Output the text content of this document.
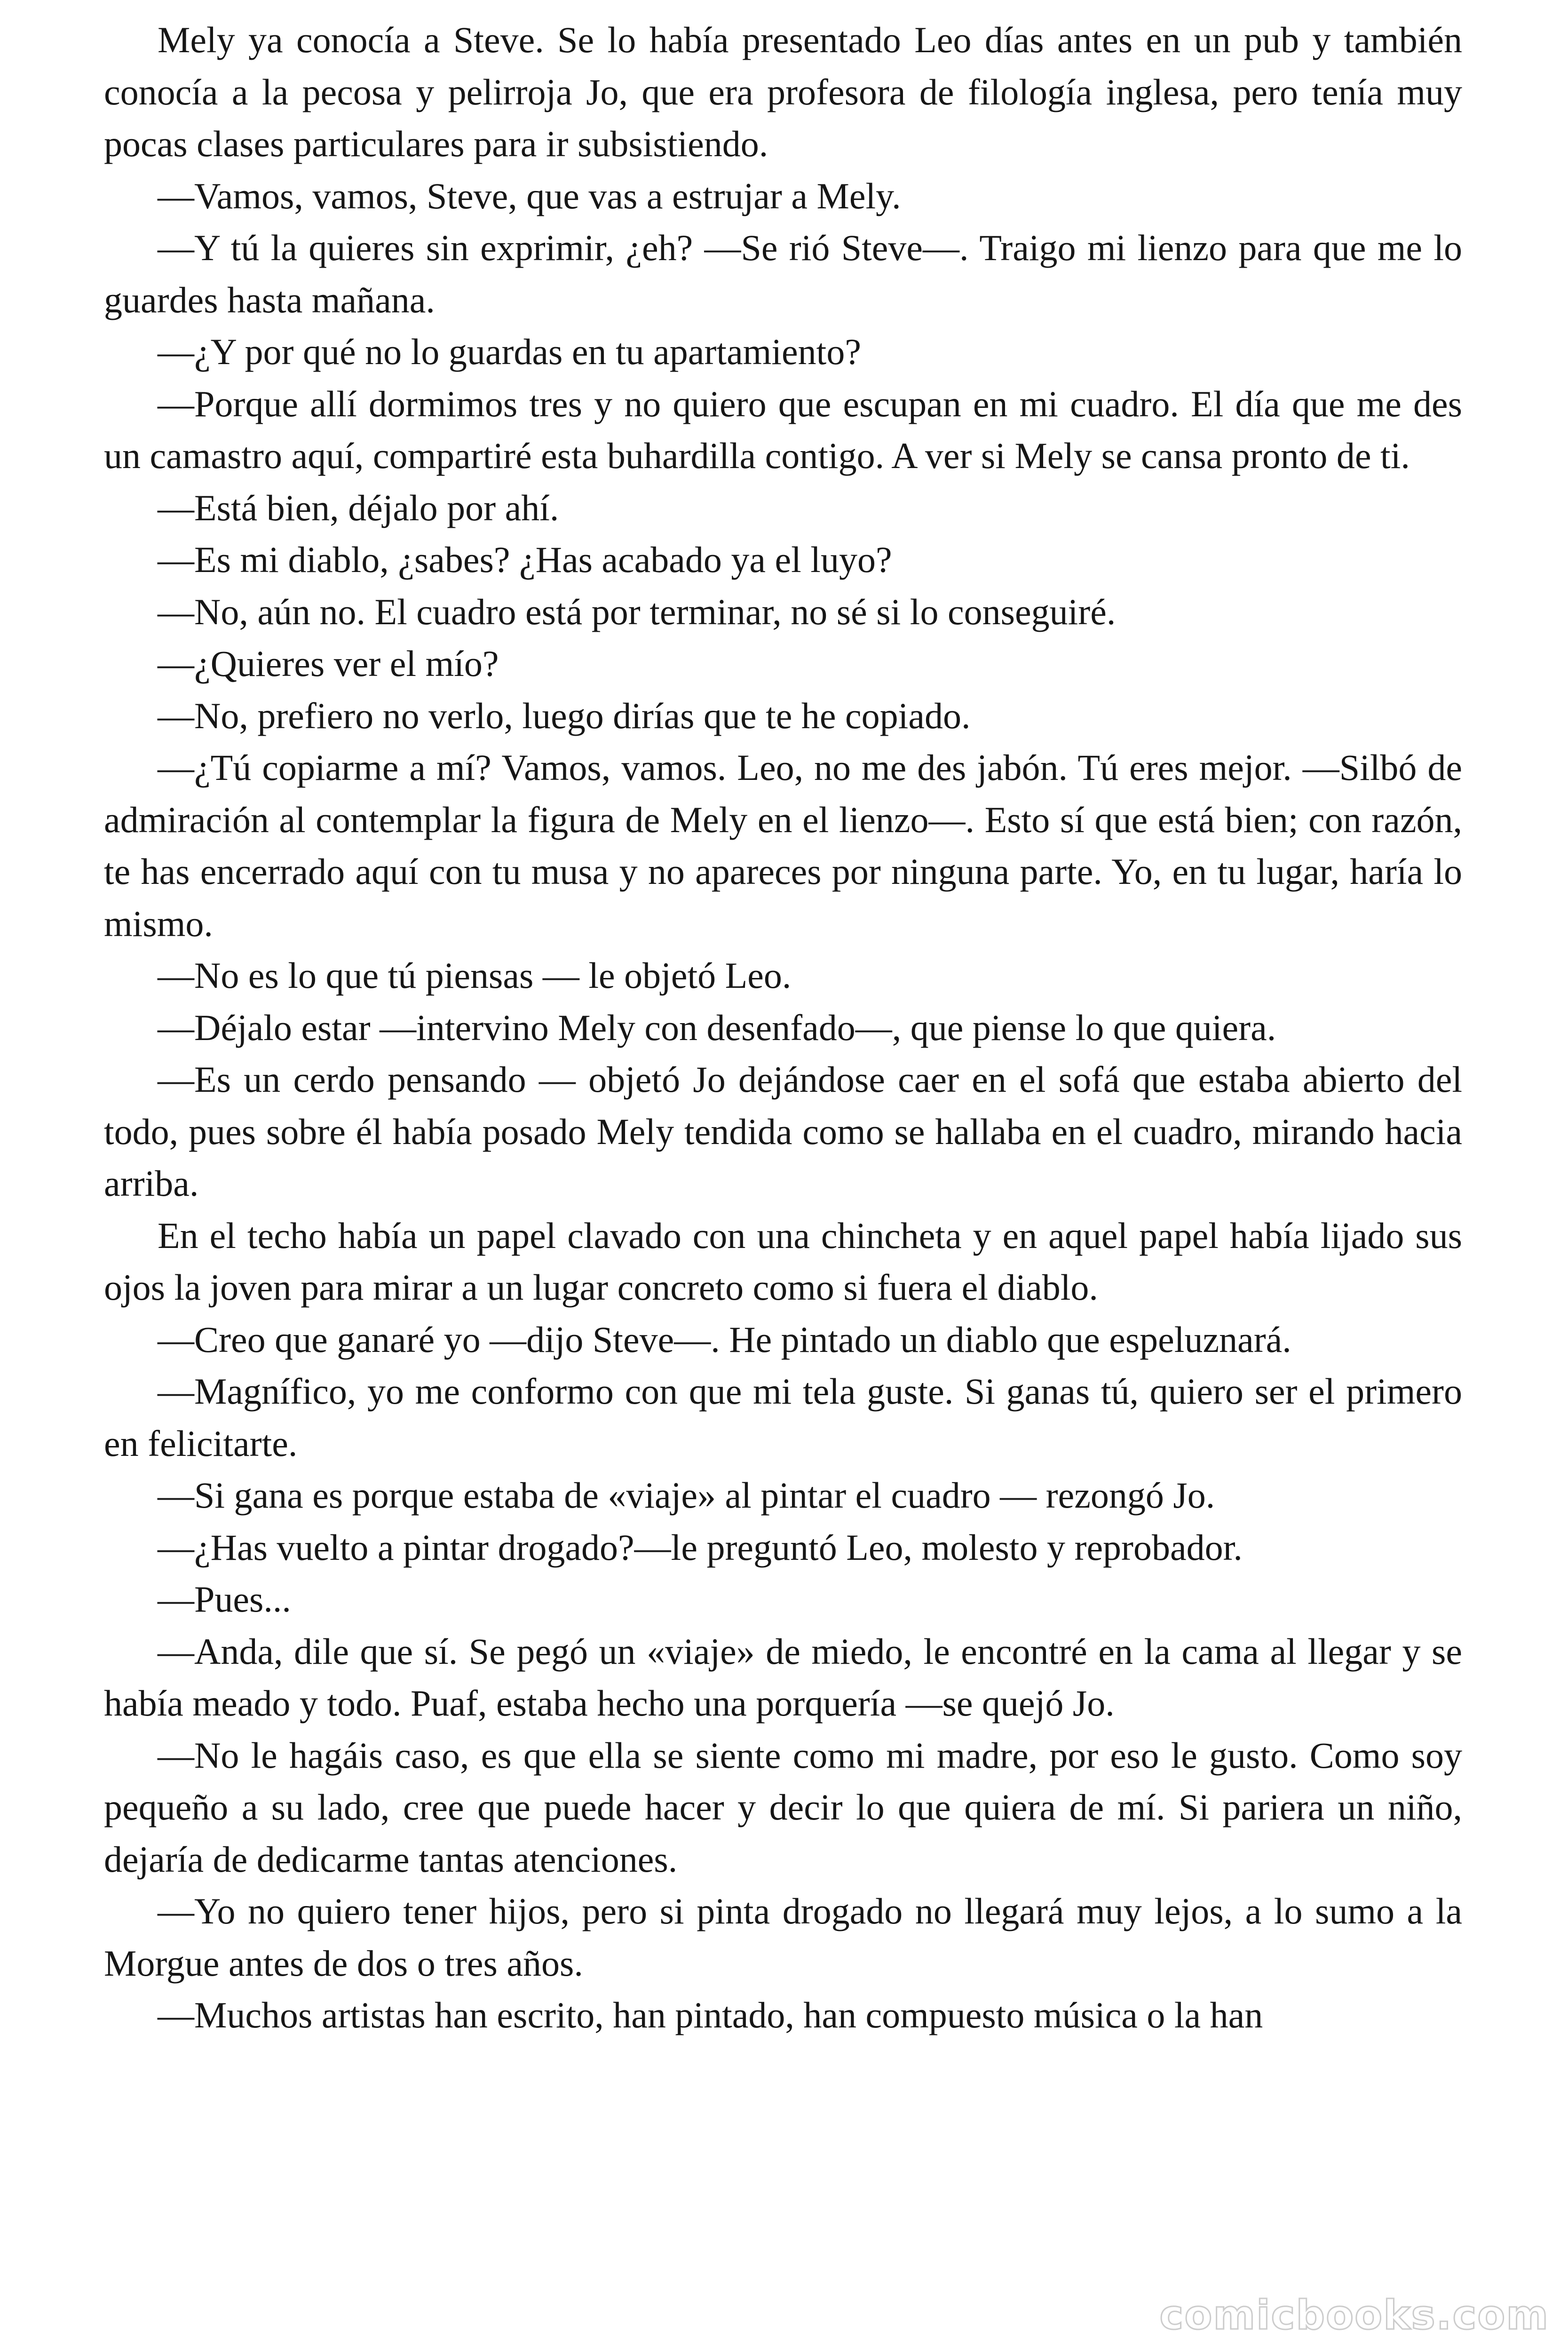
Mely ya conocía a Steve. Se lo había presentado Leo días antes en un pub y también conocía a la pecosa y pelirroja Jo, que era profesora de filología inglesa, pero tenía muy pocas clases particulares para ir subsistiendo.

—Vamos, vamos, Steve, que vas a estrujar a Mely.

—Y tú la quieres sin exprimir, ¿eh? —Se rió Steve—. Traigo mi lienzo para que me lo guardes hasta mañana.

—¿Y por qué no lo guardas en tu apartamiento?

—Porque allí dormimos tres y no quiero que escupan en mi cuadro. El día que me des un camastro aquí, compartiré esta buhardilla contigo. A ver si Mely se cansa pronto de ti.

—Está bien, déjalo por ahí.

—Es mi diablo, ¿sabes? ¿Has acabado ya el luyo?

—No, aún no. El cuadro está por terminar, no sé si lo conseguiré.

—¿Quieres ver el mío?

—No, prefiero no verlo, luego dirías que te he copiado.

—¿Tú copiarme a mí? Vamos, vamos. Leo, no me des jabón. Tú eres mejor. —Silbó de admiración al contemplar la figura de Mely en el lienzo—. Esto sí que está bien; con razón, te has encerrado aquí con tu musa y no apareces por ninguna parte. Yo, en tu lugar, haría lo mismo.

—No es lo que tú piensas — le objetó Leo.

—Déjalo estar —intervino Mely con desenfado—, que piense lo que quiera.

—Es un cerdo pensando — objetó Jo dejándose caer en el sofá que estaba abierto del todo, pues sobre él había posado Mely tendida como se hallaba en el cuadro, mirando hacia arriba.

En el techo había un papel clavado con una chincheta y en aquel papel había lijado sus ojos la joven para mirar a un lugar concreto como si fuera el diablo.

—Creo que ganaré yo —dijo Steve—. He pintado un diablo que espeluznará.

—Magnífico, yo me conformo con que mi tela guste. Si ganas tú, quiero ser el primero en felicitarte.

—Si gana es porque estaba de «viaje» al pintar el cuadro — rezongó Jo.

—¿Has vuelto a pintar drogado?—le preguntó Leo, molesto y reprobador.

—Pues...

—Anda, dile que sí. Se pegó un «viaje» de miedo, le encontré en la cama al llegar y se había meado y todo. Puaf, estaba hecho una porquería —se quejó Jo.

—No le hagáis caso, es que ella se siente como mi madre, por eso le gusto. Como soy pequeño a su lado, cree que puede hacer y decir lo que quiera de mí. Si pariera un niño, dejaría de dedicarme tantas atenciones.

—Yo no quiero tener hijos, pero si pinta drogado no llegará muy lejos, a lo sumo a la Morgue antes de dos o tres años.

—Muchos artistas han escrito, han pintado, han compuesto música o la han

comicbooks.com
